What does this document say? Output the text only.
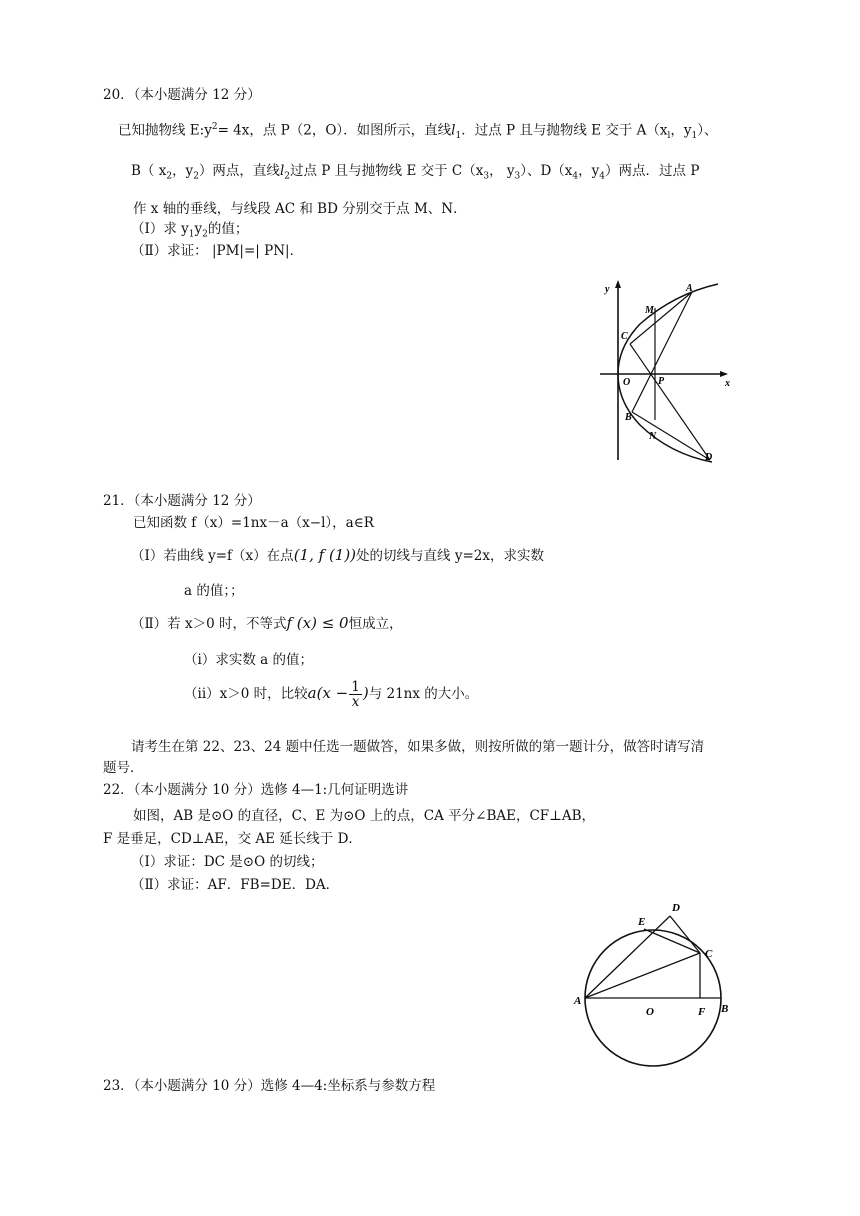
20．（本小题满分 12 分）
已知抛物线 $E:y^2= 4x$，点 P（2，O）．如图所示，直线$l_1$．过点 P 且与抛物线 E 交于 $A(x_l$，$y_1$）、
B（ $x_2$，$y_2$）两点，直线$l_2$过点 P 且与抛物线 E 交于 $C(x_3$， $y_3$）、$D(x_4$，$y_4$）两点．过点 P
作 x 轴的垂线，与线段 AC 和 BD 分别交于点 M、N．
（I）求 $y_1y_2$的值；
（Ⅱ）求证： |PM|=| PN|．
y
x
O	P
A
M
C
B
N
D
21．（本小题满分 12 分）
已知函数 f（x）=1nx－a（x−l），a∈R
（I）若曲线 y=f（x）在点(1, f (1))处的切线与直线 y=2x，求实数
a 的值；；
（Ⅱ）若 x＞0 时，不等式f (x) ≤ 0恒成立，
（i）求实数 a 的值；
（ii）x＞0 时，比较$a(x - \frac{1}{x}$ )与 21nx 的大小。
请考生在第 22、23、24 题中任选一题做答，如果多做，则按所做的第一题计分，做答时请写清
题号．
22．（本小题满分 10 分）选修 4—1:几何证明选讲
如图，AB 是⊙O 的直径，C、E 为⊙O 上的点，CA 平分∠BAE，CF⊥AB，
F 是垂足，CD⊥AE，交 AE 延长线于 D．
（I）求证：DC 是⊙O 的切线；
（Ⅱ）求证：AF．FB=DE．DA．
E
D
C
A
O	F B
23．（本小题满分 10 分）选修 4—4:坐标系与参数方程
